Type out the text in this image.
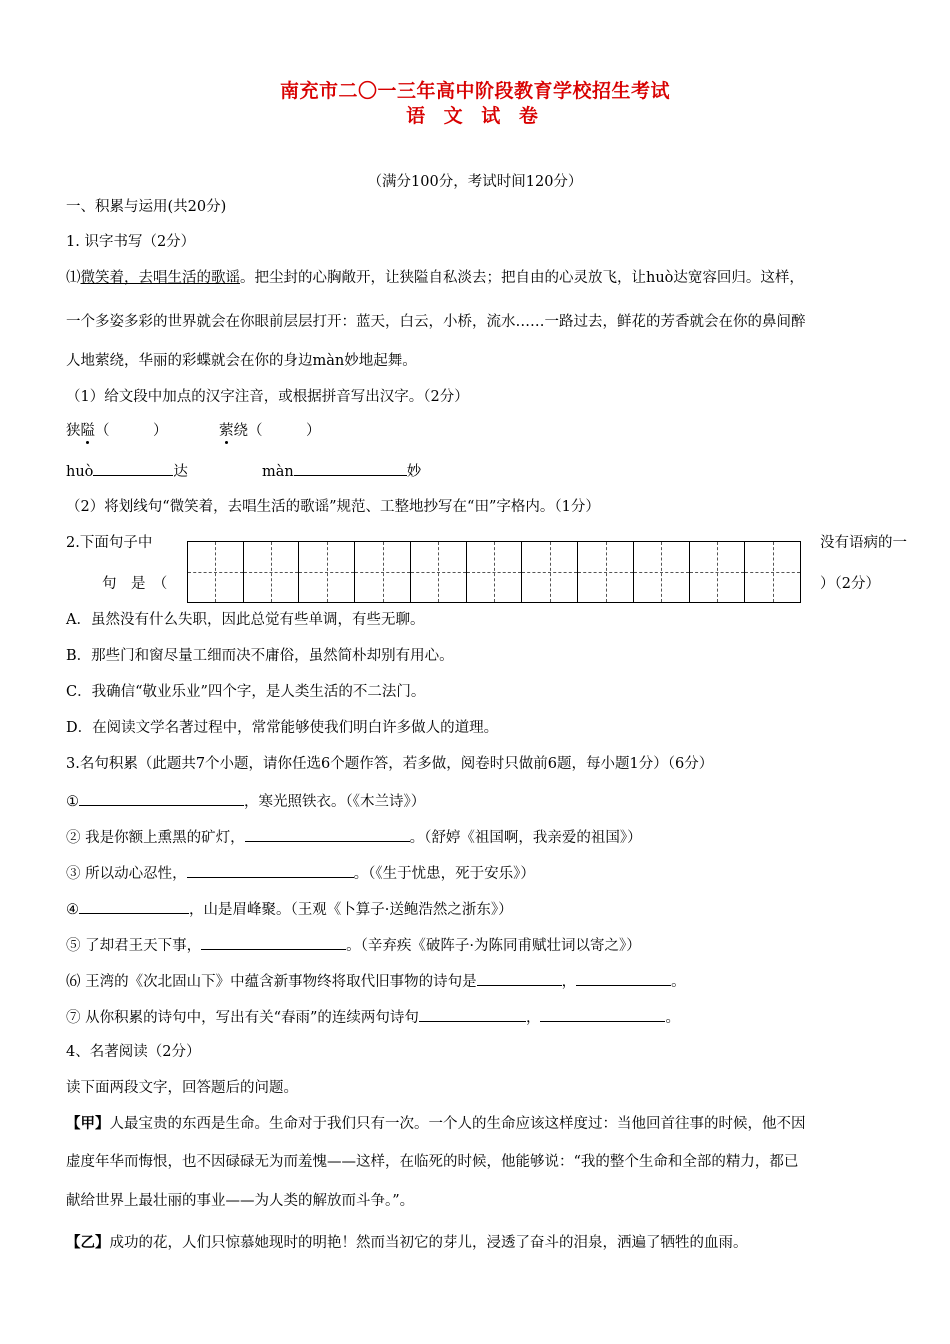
南充市二〇一三年高中阶段教育学校招生考试
语 文 试 卷
（满分100分，考试时间120分）
一、积累与运用(共20分)
1. 识字书写（2分）
⑴微笑着，去唱生活的歌谣。把尘封的心胸敞开，让狭隘自私淡去；把自由的心灵放飞，让huò达宽容回归。这样，
一个多姿多彩的世界就会在你眼前层层打开：蓝天，白云，小桥，流水……一路过去，鲜花的芳香就会在你的鼻间醉
人地萦绕，华丽的彩蝶就会在你的身边màn妙地起舞。
（1）给文段中加点的汉字注音，或根据拼音写出汉字。（2分）
狭隘（　　　）	萦绕（　　　）
huò	达	màn	妙
（2）将划线句“微笑着，去唱生活的歌谣”规范、工整地抄写在“田”字格内。（1分）
2.下面句子中	没有语病的一
句　是　（	）（2分）
A．虽然没有什么失职，因此总觉有些单调，有些无聊。
B．那些门和窗尽量工细而决不庸俗，虽然简朴却别有用心。
C．我确信“敬业乐业”四个字，是人类生活的不二法门。
D．在阅读文学名著过程中，常常能够使我们明白许多做人的道理。
3.名句积累（此题共7个小题，请你任选6个题作答，若多做，阅卷时只做前6题，每小题1分）（6分）
①	，寒光照铁衣。（《木兰诗》）
② 我是你额上熏黑的矿灯，	。（舒婷《祖国啊，我亲爱的祖国》）
③ 所以动心忍性，	。（《生于忧患，死于安乐》）
④	，山是眉峰聚。（王观《卜算子·送鲍浩然之浙东》）
⑤ 了却君王天下事，	。（辛弃疾《破阵子·为陈同甫赋壮词以寄之》）
⑹ 王湾的《次北固山下》中蕴含新事物终将取代旧事物的诗句是	，	。
⑦ 从你积累的诗句中，写出有关“春雨”的连续两句诗句	，	。
4、名著阅读（2分）
读下面两段文字，回答题后的问题。
【甲】人最宝贵的东西是生命。生命对于我们只有一次。一个人的生命应该这样度过：当他回首往事的时候，他不因
虚度年华而悔恨，也不因碌碌无为而羞愧——这样，在临死的时候，他能够说：“我的整个生命和全部的精力，都已
献给世界上最壮丽的事业——为人类的解放而斗争。”。
【乙】成功的花，人们只惊慕她现时的明艳！然而当初它的芽儿，浸透了奋斗的泪泉，洒遍了牺牲的血雨。
